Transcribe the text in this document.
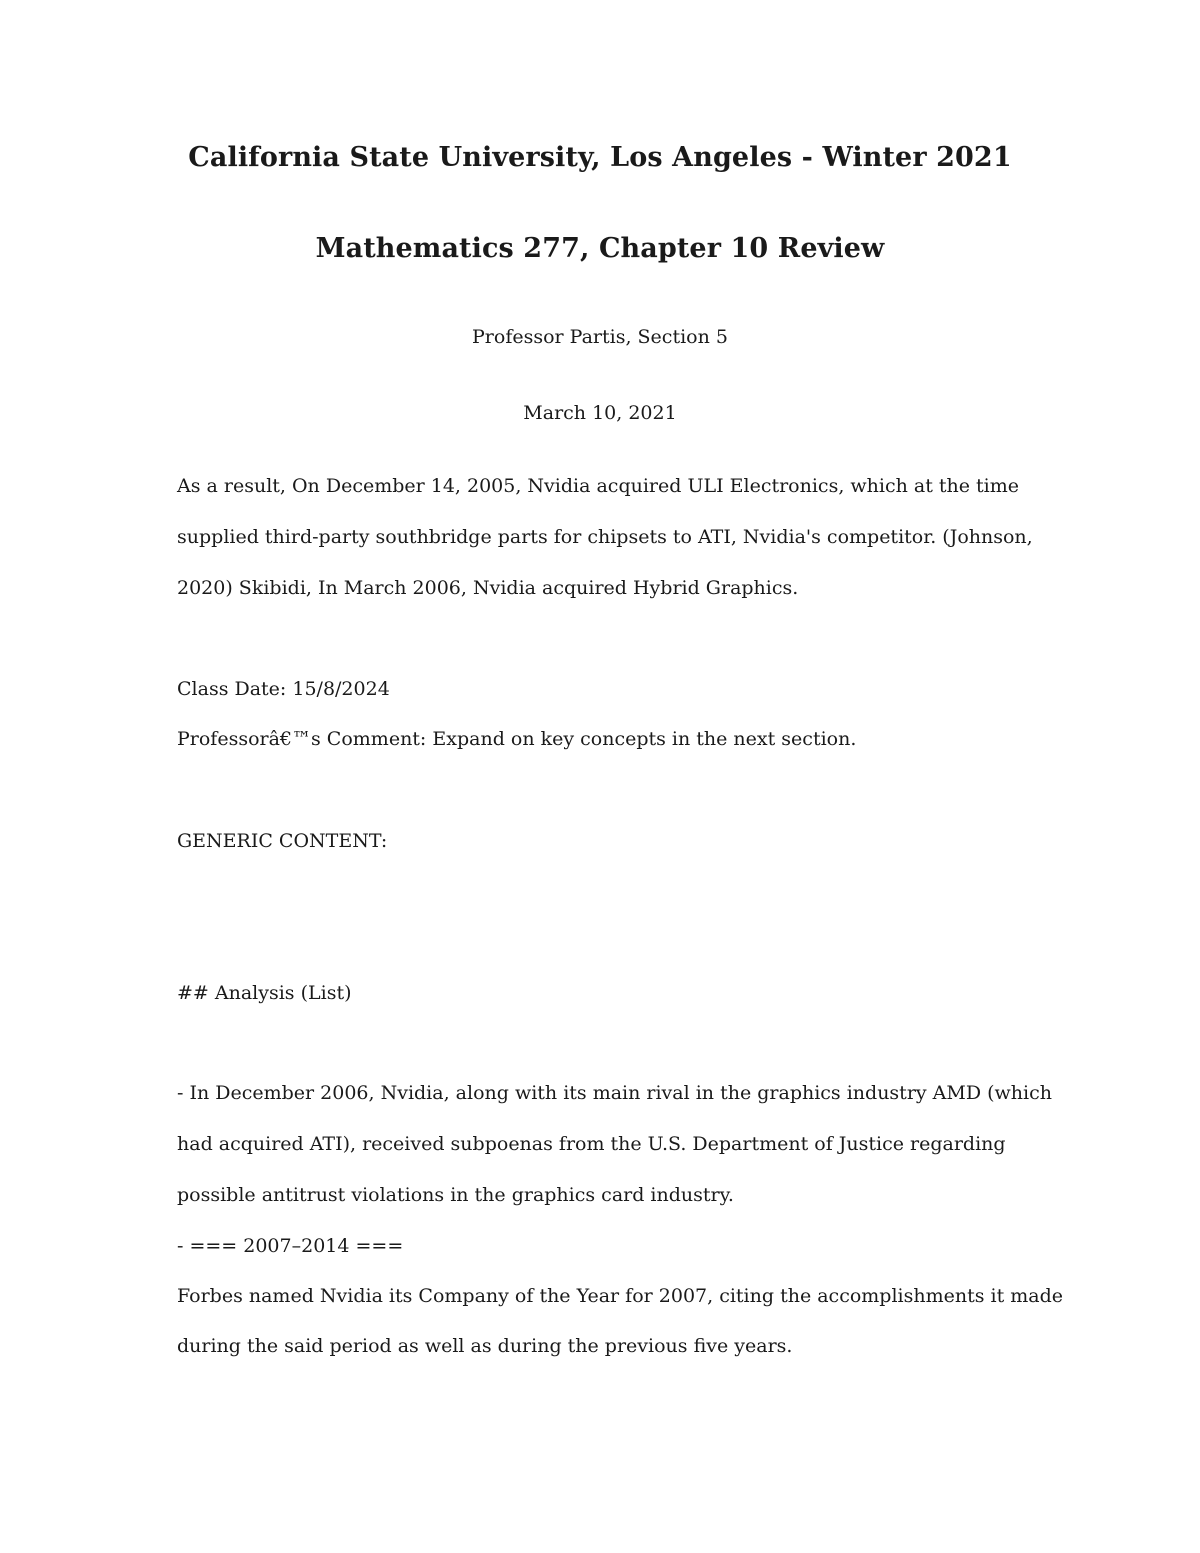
California State University, Los Angeles - Winter 2021
Mathematics 277, Chapter 10 Review
Professor Partis, Section 5
March 10, 2021
As a result, On December 14, 2005, Nvidia acquired ULI Electronics, which at the time
supplied third-party southbridge parts for chipsets to ATI, Nvidia's competitor. (Johnson,
2020) Skibidi, In March 2006, Nvidia acquired Hybrid Graphics.
Class Date: 15/8/2024
Professorâ€™s Comment: Expand on key concepts in the next section.
GENERIC CONTENT:
## Analysis (List)
- In December 2006, Nvidia, along with its main rival in the graphics industry AMD (which
had acquired ATI), received subpoenas from the U.S. Department of Justice regarding
possible antitrust violations in the graphics card industry.
- === 2007–2014 ===
Forbes named Nvidia its Company of the Year for 2007, citing the accomplishments it made
during the said period as well as during the previous five years.
